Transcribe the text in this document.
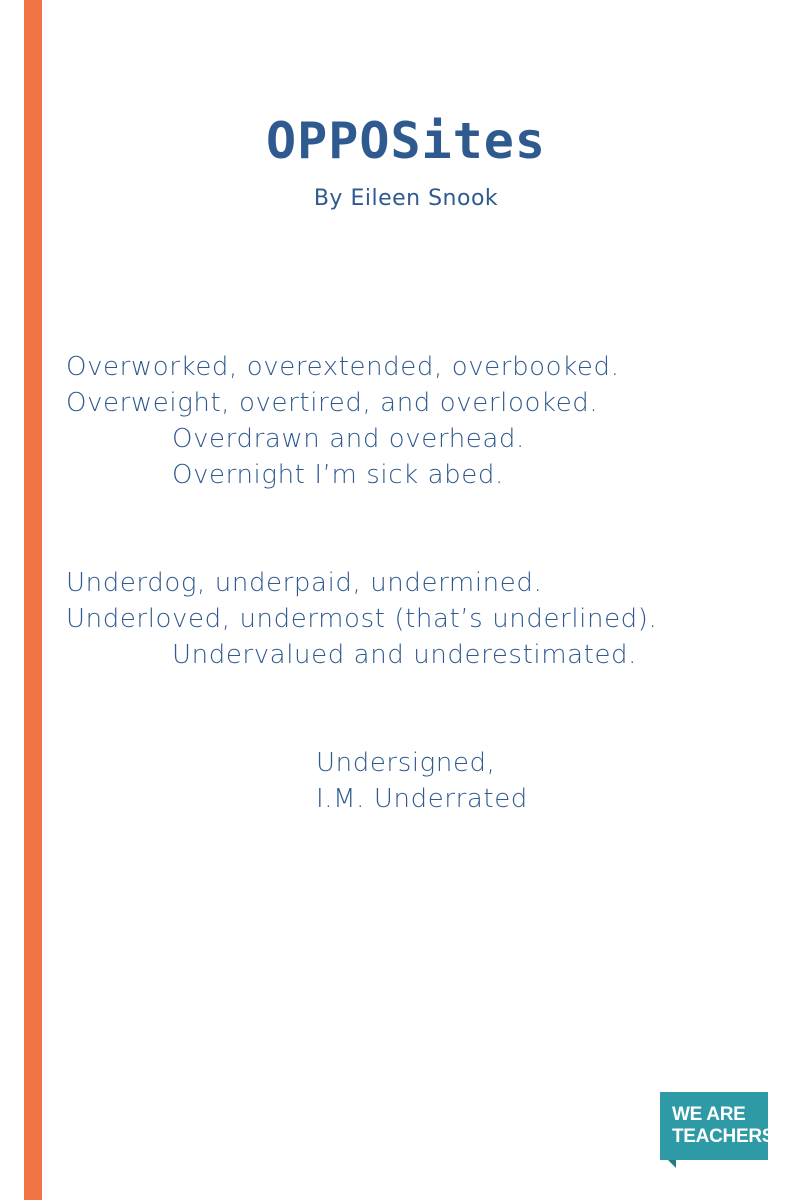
OPPOSites

By Eileen Snook

Overworked, overextended, overbooked.

Overweight, overtired, and overlooked.

Overdrawn and overhead.

Overnight I’m sick abed.

Underdog, underpaid, undermined.

Underloved, undermost (that’s underlined).

Undervalued and underestimated.

Undersigned,

I.M. Underrated

WE ARE
TEACHERS
